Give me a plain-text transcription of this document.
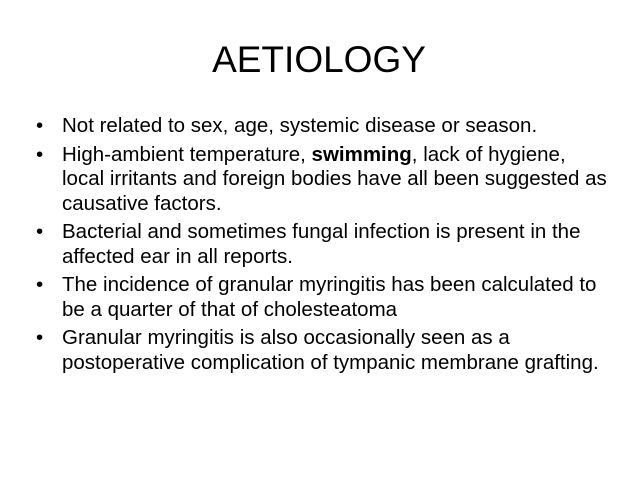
AETIOLOGY
• Not related to sex, age, systemic disease or season.
• High-ambient temperature, swimming, lack of hygiene, local irritants and foreign bodies have all been suggested as causative factors.
• Bacterial and sometimes fungal infection is present in the affected ear in all reports.
• The incidence of granular myringitis has been calculated to be a quarter of that of cholesteatoma
• Granular myringitis is also occasionally seen as a postoperative complication of tympanic membrane grafting.
